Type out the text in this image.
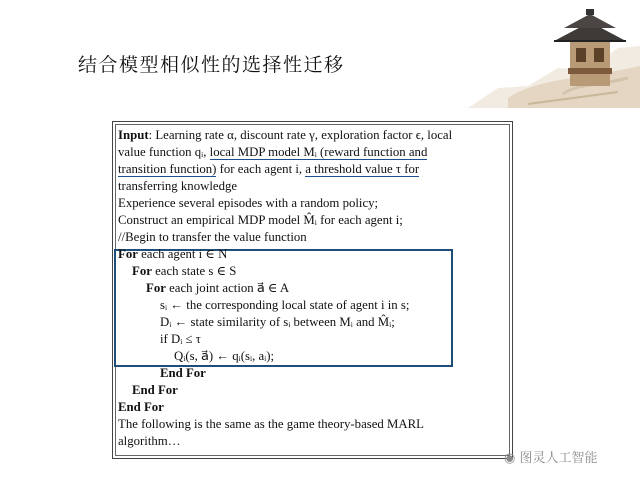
结合模型相似性的选择性迁移
Input: Learning rate α, discount rate γ, exploration factor ϵ, local
value function qᵢ, local MDP model Mᵢ (reward function and
transition function) for each agent i, a threshold value τ for
transferring knowledge
Experience several episodes with a random policy;
Construct an empirical MDP model M̂ᵢ for each agent i;
//Begin to transfer the value function
For each agent i ∈ N
For each state s ∈ S
For each joint action a⃗ ∈ A
sᵢ ← the corresponding local state of agent i in s;
Dᵢ ← state similarity of sᵢ between Mᵢ and M̂ᵢ;
if Dᵢ ≤ τ
Qᵢ(s, a⃗) ← qᵢ(sᵢ, aᵢ);
End For
End For
End For
The following is the same as the game theory-based MARL
algorithm…
◉ 图灵人工智能
